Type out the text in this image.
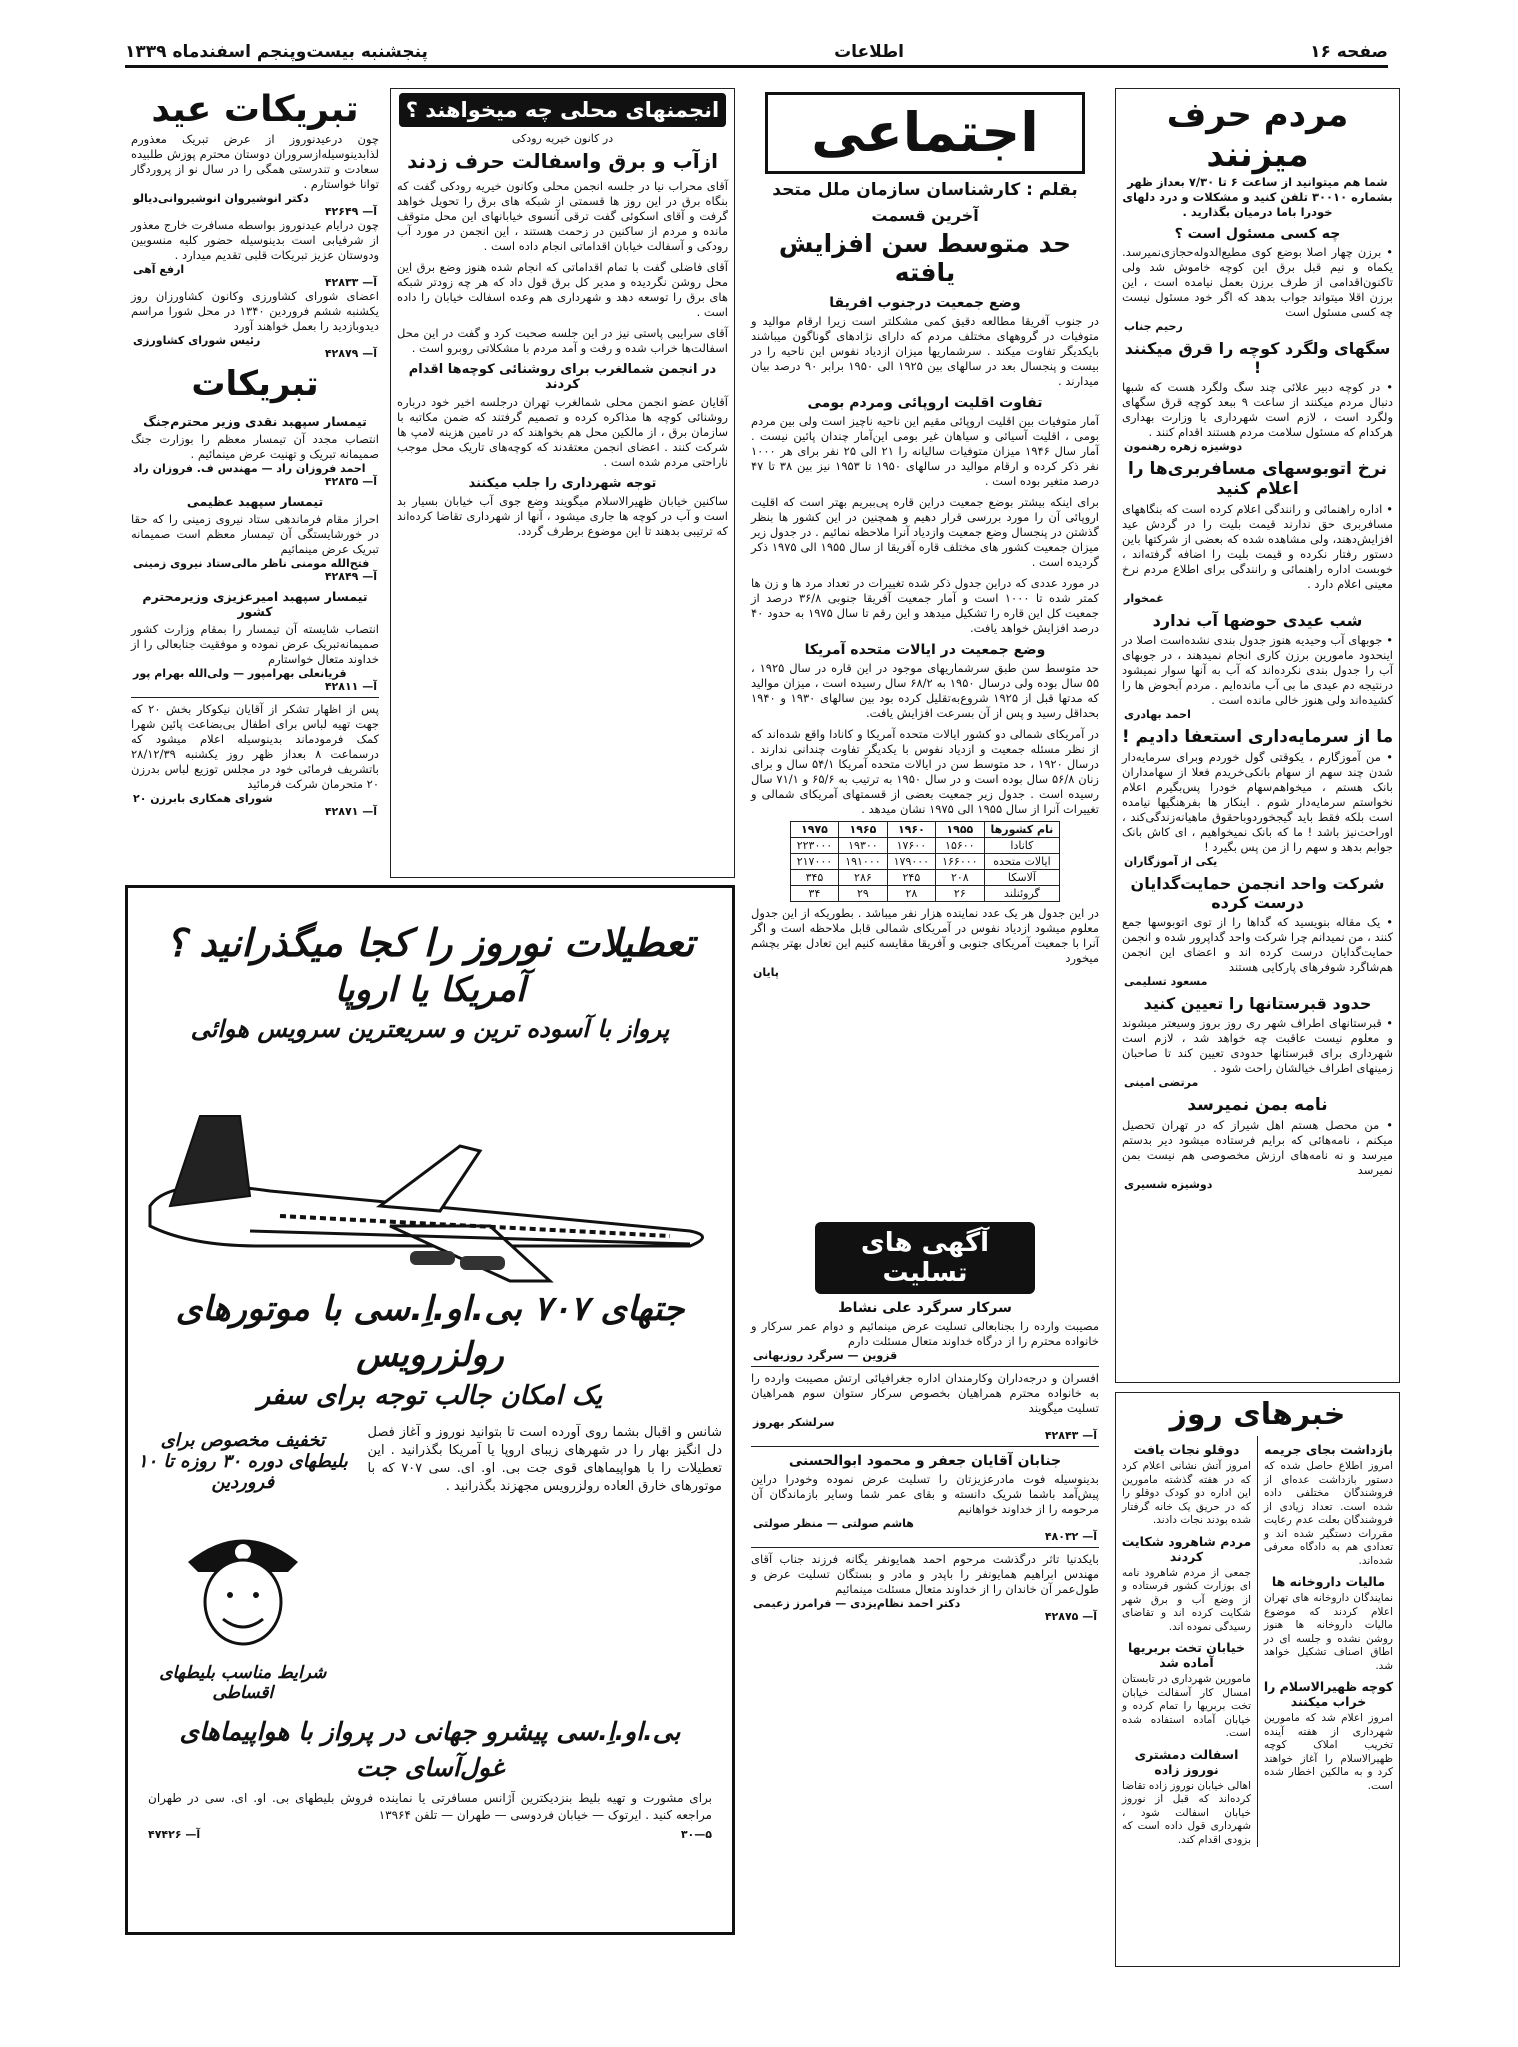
صفحه ۱۶
اطلاعات
پنجشنبه بیست‌وپنجم اسفندماه ۱۳۳۹
مردم حرف میزنند
شما هم میتوانید از ساعت ۶ تا ۷/۳۰ بعداز ظهر بشماره ۳۰۰۱۰ تلفن کنید و مشکلات و درد دلهای خودرا باما درمیان بگذارید .
چه کسی مسئول است ؟
• برزن چهار اصلا بوضع کوی مطیع‌الدوله‌حجازی‌نمیرسد. یکماه و نیم قبل برق این کوچه خاموش شد ولی تاکنون‌اقدامی از طرف برزن بعمل نیامده است ، این برزن اقلا میتواند جواب بدهد که اگر خود مسئول نیست چه کسی مسئول است
رحیم جناب
سگهای ولگرد کوچه را قرق میکنند !
• در کوچه دبیر علائی چند سگ ولگرد هست که شبها دنبال مردم میکنند از ساعت ۹ ببعد کوچه قرق سگهای ولگرد است ، لازم است شهرداری یا وزارت بهداری هرکدام که مسئول سلامت مردم هستند اقدام کنند .
دوشیزه زهره رهنمون
نرخ اتوبوسهای مسافربری‌ها را اعلام کنید
• اداره راهنمائی و رانندگی اعلام کرده است که بنگاههای مسافربری حق ندارند قیمت بلیت را در گردش عید افزایش‌دهند، ولی مشاهده شده که بعضی از شرکتها باین دستور رفتار نکرده و قیمت بلیت را اضافه گرفته‌اند ، خوبست اداره راهنمائی و رانندگی برای اطلاع مردم نرخ معینی اعلام دارد .
غمخوار
شب عیدی حوضها آب ندارد
• جوبهای آب وحیدیه هنوز جدول بندی نشده‌است اصلا در اینحدود مامورین برزن کاری انجام نمیدهند ، در جوبهای آب را جدول بندی نکرده‌اند که آب به آنها سوار نمیشود درنتیجه دم عیدی ما بی آب مانده‌ایم . مردم آبحوض ها را کشیده‌اند ولی هنوز خالی مانده است .
احمد بهادری
ما از سرمایه‌داری استعفا دادیم !
• من آموزگارم ، یکوقتی گول خوردم وبرای سرمایه‌دار شدن چند سهم از سهام بانکی‌خریدم فعلا از سهامداران بانک هستم ، میخواهم‌سهام خودرا پس‌بگیرم اعلام نخواستم سرمایه‌دار شوم . اینکار ها بفرهنگیها نیامده است بلکه فقط باید گیجخوردوباحقوق ماهیانه‌زندگی‌کند ، اوراحت‌نیز باشد ! ما که بانک نمیخواهیم ، ای کاش بانک جوابم بدهد و سهم را از من پس بگیرد !
یکی از آموزگاران
شرکت واحد انجمن حمایت‌گدایان درست کرده
• یک مقاله بنویسید که گداها را از توی اتوبوسها جمع کنند ، من نمیدانم چرا شرکت واحد گداپرور شده و انجمن حمایت‌گدایان درست کرده اند و اعضای این انجمن هم‌شاگرد شوفرهای پارکایی هستند
مسعود تسلیمی
حدود قبرستانها را تعیین کنید
• قبرستانهای اطراف شهر ری روز بروز وسیعتر میشوند و معلوم نیست عاقبت چه خواهد شد ، لازم است شهرداری برای قبرستانها حدودی تعیین کند تا صاحبان زمینهای اطراف خیالشان راحت شود .
مرتضی امینی
نامه بمن نمیرسد
• من محصل هستم اهل شیراز که در تهران تحصیل میکنم ، نامه‌هائی که برایم فرستاده میشود دیر بدستم میرسد و نه نامه‌های ارزش مخصوصی هم نیست بمن نمیرسد
دوشیزه شسیری
خبرهای روز
بازداشت بجای جریمه
امروز اطلاع حاصل شده که دستور بازداشت عده‌ای از فروشندگان مختلفی داده شده است. تعداد زیادی از فروشندگان بعلت عدم رعایت مقررات دستگیر شده اند و تعدادی هم به دادگاه معرفی شده‌اند.
مالیات داروخانه ها
نمایندگان داروخانه های تهران اعلام کردند که موضوع مالیات داروخانه ها هنوز روشن نشده و جلسه ای در اطاق اصناف تشکیل خواهد شد.
کوچه ظهیرالاسلام را خراب میکنند
امروز اعلام شد که مامورین شهرداری از هفته آینده تخریب املاک کوچه ظهیرالاسلام را آغاز خواهند کرد و به مالکین اخطار شده است.
دوقلو نجات یافت
امروز آتش نشانی اعلام کرد که در هفته گذشته مامورین این اداره دو کودک دوقلو را که در حریق یک خانه گرفتار شده بودند نجات دادند.
مردم شاهرود شکایت کردند
جمعی از مردم شاهرود نامه ای بوزارت کشور فرستاده و از وضع آب و برق شهر شکایت کرده اند و تقاضای رسیدگی نموده اند.
خیابان تخت بربریها آماده شد
مامورین شهرداری در تابستان امسال کار آسفالت خیابان تخت بربریها را تمام کرده و خیابان آماده استفاده شده است.
اسفالت دمشتری نوروز زاده
اهالی خیابان نوروز زاده تقاضا کرده‌اند که قبل از نوروز خیابان اسفالت شود ، شهرداری قول داده است که بزودی اقدام کند.
اجتماعی
بقلم : کارشناسان سازمان ملل متحد
آخرین قسمت
حد متوسط سن افزایش یافته
وضع جمعیت درجنوب افریقا
در جنوب آفریقا مطالعه دقیق کمی مشکلتر است زیرا ارقام موالید و متوفیات در گروههای مختلف مردم که دارای نژادهای گوناگون میباشند بایکدیگر تفاوت میکند . سرشماریها میزان ازدیاد نفوس این ناحیه را در بیست و پنجسال بعد در سالهای بین ۱۹۲۵ الی ۱۹۵۰ برابر ۹۰ درصد بیان میدارند .
تفاوت اقلیت اروپائی ومردم بومی
آمار متوفیات بین اقلیت اروپائی مقیم این ناحیه ناچیز است ولی بین مردم بومی ، اقلیت آسیائی و سیاهان غیر بومی این‌آمار چندان پائین نیست . آمار سال ۱۹۴۶ میزان متوفیات سالیانه را ۲۱ الی ۲۵ نفر برای هر ۱۰۰۰ نفر ذکر کرده و ارقام موالید در سالهای ۱۹۵۰ تا ۱۹۵۳ نیز بین ۳۸ تا ۴۷ درصد متغیر بوده است .
برای اینکه بیشتر بوضع جمعیت دراین قاره پی‌ببریم بهتر است که اقلیت اروپائی آن را مورد بررسی قرار دهیم و همچنین در این کشور ها بنظر گذشتن در پنجسال وضع جمعیت وازدیاد آنرا ملاحظه نمائیم . در جدول زیر میزان جمعیت کشور های مختلف قاره آفریقا از سال ۱۹۵۵ الی ۱۹۷۵ ذکر گردیده است .
در مورد عددی که دراین جدول ذکر شده تغییرات در تعداد مرد ها و زن ها کمتر شده تا ۱۰۰۰ است و آمار جمعیت آفریقا جنوبی ۳۶/۸ درصد از جمعیت کل این قاره را تشکیل میدهد و این رقم تا سال ۱۹۷۵ به حدود ۴۰ درصد افزایش خواهد یافت.
وضع جمعیت در ایالات متحده آمریکا
حد متوسط سن طبق سرشماریهای موجود در این قاره در سال ۱۹۲۵ ، ۵۵ سال بوده ولی درسال ۱۹۵۰ به ۶۸/۲ سال رسیده است ، میزان موالید که مدتها قبل از ۱۹۲۵ شروع‌به‌تقلیل کرده بود بین سالهای ۱۹۳۰ و ۱۹۴۰ بحداقل رسید و پس از آن بسرعت افزایش یافت.
در آمریکای شمالی دو کشور ایالات متحده آمریکا و کانادا واقع شده‌اند که از نظر مسئله جمعیت و ازدیاد نفوس با یکدیگر تفاوت چندانی ندارند . درسال ۱۹۲۰ ، حد متوسط سن در ایالات متحده آمریکا ۵۴/۱ سال و برای زنان ۵۶/۸ سال بوده است و در سال ۱۹۵۰ به ترتیب به ۶۵/۶ و ۷۱/۱ سال رسیده است . جدول زیر جمعیت بعضی از قسمتهای آمریکای شمالی و تغییرات آنرا از سال ۱۹۵۵ الی ۱۹۷۵ نشان میدهد .
نام کشورها	۱۹۵۵	۱۹۶۰	۱۹۶۵	۱۹۷۵
کانادا	۱۵۶۰۰	۱۷۶۰۰	۱۹۳۰۰	۲۲۳۰۰۰
ایالات متحده	۱۶۶۰۰۰	۱۷۹۰۰۰	۱۹۱۰۰۰	۲۱۷۰۰۰
آلاسکا	۲۰۸	۲۴۵	۲۸۶	۳۴۵
گروئنلند	۲۶	۲۸	۲۹	۳۴
در این جدول هر یک عدد نماینده هزار نفر میباشد . بطوریکه از این جدول معلوم میشود ازدیاد نفوس در آمریکای شمالی قابل ملاحظه است و اگر آنرا با جمعیت آمریکای جنوبی و آفریقا مقایسه کنیم این تعادل بهتر بچشم میخورد
پایان
آگهی های تسلیت
سرکار سرگرد علی نشاط
مصیبت وارده را بجنابعالی تسلیت عرض مینمائیم و دوام عمر سرکار و خانواده محترم را از درگاه خداوند متعال مسئلت دارم
قزوین — سرگرد روزبهانی
افسران و درجه‌داران وکارمندان اداره جغرافیائی ارتش مصیبت وارده را به خانواده محترم همراهیان بخصوص سرکار ستوان سوم همراهیان تسلیت میگویند
سرلشکر بهروز
آ— ۴۲۸۴۳
جنابان آقایان جعفر و محمود ابوالحسنی
بدینوسیله فوت مادرعزیزتان را تسلیت عرض نموده وخودرا دراین پیش‌آمد باشما شریک دانسته و بقای عمر شما وسایر بازماندگان آن مرحومه را از خداوند خواهانیم
هاشم صولتی — منظر صولتی
آ— ۴۸۰۳۲
بایکدنیا تاثر درگذشت مرحوم احمد همایونفر یگانه فرزند جناب آقای مهندس ابراهیم همایونفر را باپدر و مادر و بستگان تسلیت عرض و طول‌عمر آن خاندان را از خداوند متعال مسئلت مینمائیم
دکتر احمد نظام‌یزدی — فرامرز زعیمی
آ— ۴۲۸۷۵
انجمنهای محلی چه میخواهند ؟
در کانون خیریه رودکی
ازآب و برق واسفالت حرف زدند
آقای محراب نیا در جلسه انجمن محلی وکانون خیریه رودکی گفت که بنگاه برق در این روز ها قسمتی از شبکه های برق را تحویل خواهد گرفت و آقای اسکوئی گفت ترقی آنسوی خیابانهای این محل متوقف مانده و مردم از ساکنین در زحمت هستند ، این انجمن در مورد آب رودکی و آسفالت خیابان اقداماتی انجام داده است .
آقای فاضلی گفت با تمام اقداماتی که انجام شده هنوز وضع برق این محل روشن نگردیده و مدیر کل برق قول داد که هر چه زودتر شبکه های برق را توسعه دهد و شهرداری هم وعده اسفالت خیابان را داده است .
آقای سرایبی پاستی نیز در این جلسه صحبت کرد و گفت در این محل اسفالت‌ها خراب شده و رفت و آمد مردم با مشکلاتی روبرو است .
در انجمن شمالغرب برای روشنائی کوچه‌ها اقدام کردند
آقایان عضو انجمن محلی شمالغرب تهران درجلسه اخیر خود درباره روشنائی کوچه ها مذاکره کرده و تصمیم گرفتند که ضمن مکاتبه با سازمان برق ، از مالکین محل هم بخواهند که در تامین هزینه لامپ ها شرکت کنند . اعضای انجمن معتقدند که کوچه‌های تاریک محل موجب ناراحتی مردم شده است .
توجه شهرداری را جلب میکنند
ساکنین خیابان ظهیرالاسلام میگویند وضع جوی آب خیابان بسیار بد است و آب در کوچه ها جاری میشود ، آنها از شهرداری تقاضا کرده‌اند که ترتیبی بدهند تا این موضوع برطرف گردد.
تبریکات عید
چون درعیدنوروز از عرض تبریک معذورم لذابدینوسیله‌ازسروران دوستان محترم پوزش طلبیده سعادت و تندرستی همگی را در سال نو از پروردگار توانا خواستارم .
دکتر انوشیروان انوشیروانی‌دیالو
آ— ۴۲۶۴۹
چون درایام عیدنوروز بواسطه مسافرت خارج معذور از شرفیابی است بدینوسیله حضور کلیه منسوبین ودوستان عزیز تبریکات قلبی تقدیم میدارد .
ارفع آهی
آ— ۴۲۸۳۳
اعضای شورای کشاورزی وکانون کشاورزان روز یکشنبه ششم فروردین ۱۳۴۰ در محل شورا مراسم دیدوبازدید را بعمل خواهند آورد
رئیس شورای کشاورزی
آ— ۴۲۸۷۹
تبریکات
تیمسار سپهبد نقدی وزیر محترم‌جنگ
انتصاب مجدد آن تیمسار معظم را بوزارت جنگ صمیمانه تبریک و تهنیت عرض مینمائیم .
احمد فروزان راد — مهندس ف. فروزان راد
آ— ۴۲۸۳۵
تیمسار سپهبد عظیمی
احراز مقام فرماندهی ستاد نیروی زمینی را که حقا در خورشایستگی آن تیمسار معظم است صمیمانه تبریک عرض مینمائیم
فتح‌الله مومنی ناظر مالی‌ستاد نیروی زمینی
آ— ۴۲۸۴۹
تیمسار سپهبد امیرعزیزی وزیرمحترم کشور
انتصاب شایسته آن تیمسار را بمقام وزارت کشور صمیمانه‌تبریک عرض نموده و موفقیت جنابعالی را از خداوند متعال خواستارم
قریانعلی بهرامپور — ولی‌الله بهرام پور
آ— ۴۲۸۱۱
پس از اظهار تشکر از آقایان نیکوکار بخش ۲۰ که جهت تهیه لباس برای اطفال بی‌بضاعت پائین شهرا کمک فرمودماند بدینوسیله اعلام میشود که درسماعت ۸ بعداز ظهر روز یکشنبه ۲۸/۱۲/۳۹ باتشریف فرمائی خود در مجلس توزیع لباس بدرزن ۲۰ متحرمان شرکت فرمائید
شورای همکاری بابرزن ۲۰
آ— ۴۲۸۷۱
تعطیلات نوروز را کجا میگذرانید ؟
آمریکا یا اروپا
پرواز با آسوده ترین و سریعترین سرویس هوائی
جتهای ۷۰۷ بی.او.اِ.سی با موتورهای رولزرویس
یک امکان جالب توجه برای سفر
شانس و اقبال بشما روی آورده است تا بتوانید نوروز و آغاز فصل دل انگیز بهار را در شهرهای زیبای اروپا یا آمریکا بگذرانید . این تعطیلات را با هواپیماهای قوی جت بی. او. ای. سی ۷۰۷ که با موتورهای خارق العاده رولزرویس مجهزند بگذرانید .
تخفیف مخصوص برای بلیطهای دوره ۳۰ روزه تا ۱۰ فروردین
شرایط مناسب بلیطهای اقساطی
بی.او.اِ.سی پیشرو جهانی در پرواز با هواپیماهای غول‌آسای جت
برای مشورت و تهیه بلیط بنزدیکترین آژانس مسافرتی یا نماینده فروش بلیطهای بی. او. ای. سی در طهران مراجعه کنید . ایرتوک — خیابان فردوسی — طهران — تلفن ۱۳۹۶۴
۵—۳۰
آ— ۴۷۴۲۶
